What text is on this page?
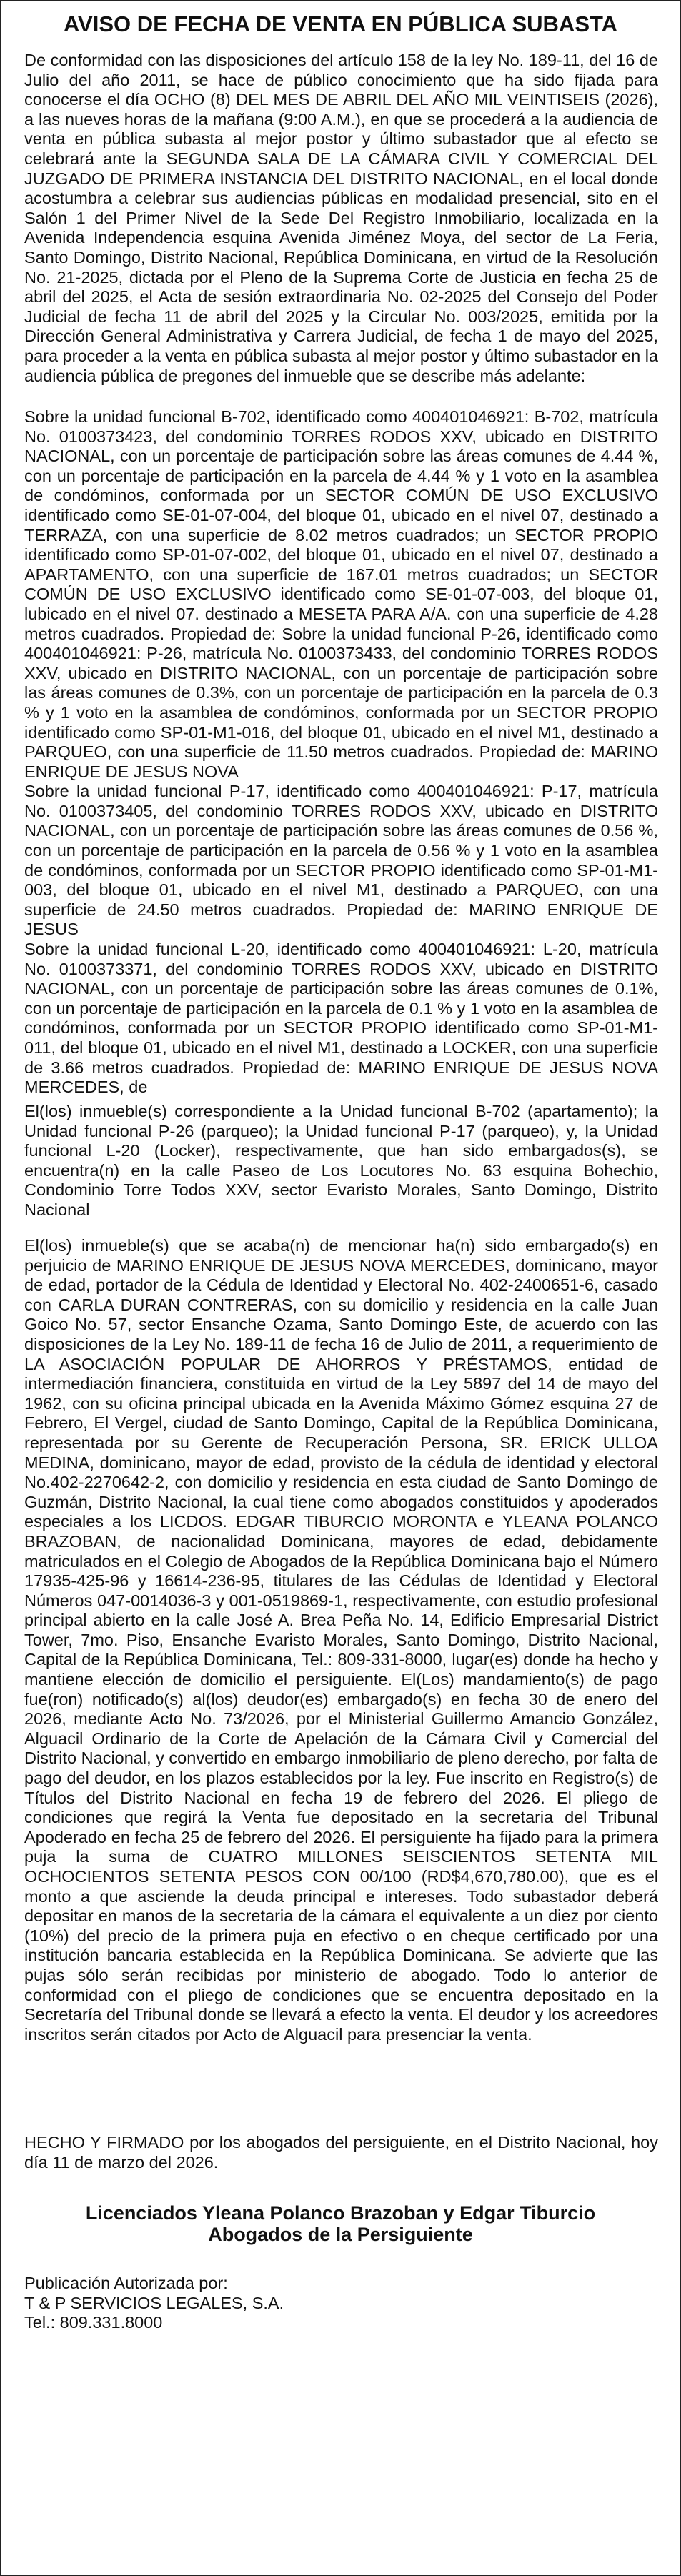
AVISO DE FECHA DE VENTA EN PÚBLICA SUBASTA

De conformidad con las disposiciones del artículo 158 de la ley No. 189-11, del 16 de Julio del año 2011, se hace de público conocimiento que ha sido fijada para conocerse el día OCHO (8) DEL MES DE ABRIL DEL AÑO MIL VEINTISEIS (2026), a las nueves horas de la mañana (9:00 A.M.), en que se procederá a la audiencia de venta en pública subasta al mejor postor y último subastador que al efecto se celebrará ante la SEGUNDA SALA DE LA CÁMARA CIVIL Y COMERCIAL DEL JUZGADO DE PRIMERA INSTANCIA DEL DISTRITO NACIONAL, en el local donde acostumbra a celebrar sus audiencias públicas en modalidad presencial, sito en el Salón 1 del Primer Nivel de la Sede Del Registro Inmobiliario, localizada en la Avenida Independencia esquina Avenida Jiménez Moya, del sector de La Feria, Santo Domingo, Distrito Nacional, República Dominicana, en virtud de la Resolución No. 21-2025, dictada por el Pleno de la Suprema Corte de Justicia en fecha 25 de abril del 2025, el Acta de sesión extraordinaria No. 02-2025 del Consejo del Poder Judicial de fecha 11 de abril del 2025 y la Circular No. 003/2025, emitida por la Dirección General Administrativa y Carrera Judicial, de fecha 1 de mayo del 2025, para proceder a la venta en pública subasta al mejor postor y último subastador en la audiencia pública de pregones del inmueble que se describe más adelante:

Sobre la unidad funcional B-702, identificado como 400401046921: B-702, matrícula No. 0100373423, del condominio TORRES RODOS XXV, ubicado en DISTRITO NACIONAL, con un porcentaje de participación sobre las áreas comunes de 4.44 %, con un porcentaje de participación en la parcela de 4.44 % y 1 voto en la asamblea de condóminos, conformada por un SECTOR COMÚN DE USO EXCLUSIVO identificado como SE-01-07-004, del bloque 01, ubicado en el nivel 07, destinado a TERRAZA, con una superficie de 8.02 metros cuadrados; un SECTOR PROPIO identificado como SP-01-07-002, del bloque 01, ubicado en el nivel 07, destinado a APARTAMENTO, con una superficie de 167.01 metros cuadrados; un SECTOR COMÚN DE USO EXCLUSIVO identificado como SE-01-07-003, del bloque 01, lubicado en el nivel 07. destinado a MESETA PARA A/A. con una superficie de 4.28 metros cuadrados. Propiedad de: Sobre la unidad funcional P-26, identificado como 400401046921: P-26, matrícula No. 0100373433, del condominio TORRES RODOS XXV, ubicado en DISTRITO NACIONAL, con un porcentaje de participación sobre las áreas comunes de 0.3%, con un porcentaje de participación en la parcela de 0.3 % y 1 voto en la asamblea de condóminos, conformada por un SECTOR PROPIO identificado como SP-01-M1-016, del bloque 01, ubicado en el nivel M1, destinado a PARQUEO, con una superficie de 11.50 metros cuadrados. Propiedad de: MARINO ENRIQUE DE JESUS NOVA
Sobre la unidad funcional P-17, identificado como 400401046921: P-17, matrícula No. 0100373405, del condominio TORRES RODOS XXV, ubicado en DISTRITO NACIONAL, con un porcentaje de participación sobre las áreas comunes de 0.56 %, con un porcentaje de participación en la parcela de 0.56 % y 1 voto en la asamblea de condóminos, conformada por un SECTOR PROPIO identificado como SP-01-M1-003, del bloque 01, ubicado en el nivel M1, destinado a PARQUEO, con una superficie de 24.50 metros cuadrados. Propiedad de: MARINO ENRIQUE DE JESUS
Sobre la unidad funcional L-20, identificado como 400401046921: L-20, matrícula No. 0100373371, del condominio TORRES RODOS XXV, ubicado en DISTRITO NACIONAL, con un porcentaje de participación sobre las áreas comunes de 0.1%, con un porcentaje de participación en la parcela de 0.1 % y 1 voto en la asamblea de condóminos, conformada por un SECTOR PROPIO identificado como SP-01-M1-011, del bloque 01, ubicado en el nivel M1, destinado a LOCKER, con una superficie de 3.66 metros cuadrados. Propiedad de: MARINO ENRIQUE DE JESUS NOVA MERCEDES, de

El(los) inmueble(s) correspondiente a la Unidad funcional B-702 (apartamento); la Unidad funcional P-26 (parqueo); la Unidad funcional P-17 (parqueo), y, la Unidad funcional L-20 (Locker), respectivamente, que han sido embargados(s), se encuentra(n) en la calle Paseo de Los Locutores No. 63 esquina Bohechio, Condominio Torre Todos XXV, sector Evaristo Morales, Santo Domingo, Distrito Nacional

El(los) inmueble(s) que se acaba(n) de mencionar ha(n) sido embargado(s) en perjuicio de MARINO ENRIQUE DE JESUS NOVA MERCEDES, dominicano, mayor de edad, portador de la Cédula de Identidad y Electoral No. 402-2400651-6, casado con CARLA DURAN CONTRERAS, con su domicilio y residencia en la calle Juan Goico No. 57, sector Ensanche Ozama, Santo Domingo Este, de acuerdo con las disposiciones de la Ley No. 189-11 de fecha 16 de Julio de 2011, a requerimiento de LA ASOCIACIÓN POPULAR DE AHORROS Y PRÉSTAMOS, entidad de intermediación financiera, constituida en virtud de la Ley 5897 del 14 de mayo del 1962, con su oficina principal ubicada en la Avenida Máximo Gómez esquina 27 de Febrero, El Vergel, ciudad de Santo Domingo, Capital de la República Dominicana, representada por su Gerente de Recuperación Persona, SR. ERICK ULLOA MEDINA, dominicano, mayor de edad, provisto de la cédula de identidad y electoral No.402-2270642-2, con domicilio y residencia en esta ciudad de Santo Domingo de Guzmán, Distrito Nacional, la cual tiene como abogados constituidos y apoderados especiales a los LICDOS. EDGAR TIBURCIO MORONTA e YLEANA POLANCO BRAZOBAN, de nacionalidad Dominicana, mayores de edad, debidamente matriculados en el Colegio de Abogados de la República Dominicana bajo el Número 17935-425-96 y 16614-236-95, titulares de las Cédulas de Identidad y Electoral Números 047-0014036-3 y 001-0519869-1, respectivamente, con estudio profesional principal abierto en la calle José A. Brea Peña No. 14, Edificio Empresarial District Tower, 7mo. Piso, Ensanche Evaristo Morales, Santo Domingo, Distrito Nacional, Capital de la República Dominicana, Tel.: 809-331-8000, lugar(es) donde ha hecho y mantiene elección de domicilio el persiguiente. El(Los) mandamiento(s) de pago fue(ron) notificado(s) al(los) deudor(es) embargado(s) en fecha 30 de enero del 2026, mediante Acto No. 73/2026, por el Ministerial Guillermo Amancio González, Alguacil Ordinario de la Corte de Apelación de la Cámara Civil y Comercial del Distrito Nacional, y convertido en embargo inmobiliario de pleno derecho, por falta de pago del deudor, en los plazos establecidos por la ley. Fue inscrito en Registro(s) de Títulos del Distrito Nacional en fecha 19 de febrero del 2026. El pliego de condiciones que regirá la Venta fue depositado en la secretaria del Tribunal Apoderado en fecha 25 de febrero del 2026. El persiguiente ha fijado para la primera puja la suma de CUATRO MILLONES SEISCIENTOS SETENTA MIL OCHOCIENTOS SETENTA PESOS CON 00/100 (RD$4,670,780.00), que es el monto a que asciende la deuda principal e intereses. Todo subastador deberá depositar en manos de la secretaria de la cámara el equivalente a un diez por ciento (10%) del precio de la primera puja en efectivo o en cheque certificado por una institución bancaria establecida en la República Dominicana. Se advierte que las pujas sólo serán recibidas por ministerio de abogado. Todo lo anterior de conformidad con el pliego de condiciones que se encuentra depositado en la Secretaría del Tribunal donde se llevará a efecto la venta. El deudor y los acreedores inscritos serán citados por Acto de Alguacil para presenciar la venta.

HECHO Y FIRMADO por los abogados del persiguiente, en el Distrito Nacional, hoy día 11 de marzo del 2026.

Licenciados Yleana Polanco Brazoban y Edgar Tiburcio
Abogados de la Persiguiente
Publicación Autorizada por:
T & P SERVICIOS LEGALES, S.A.
Tel.: 809.331.8000
